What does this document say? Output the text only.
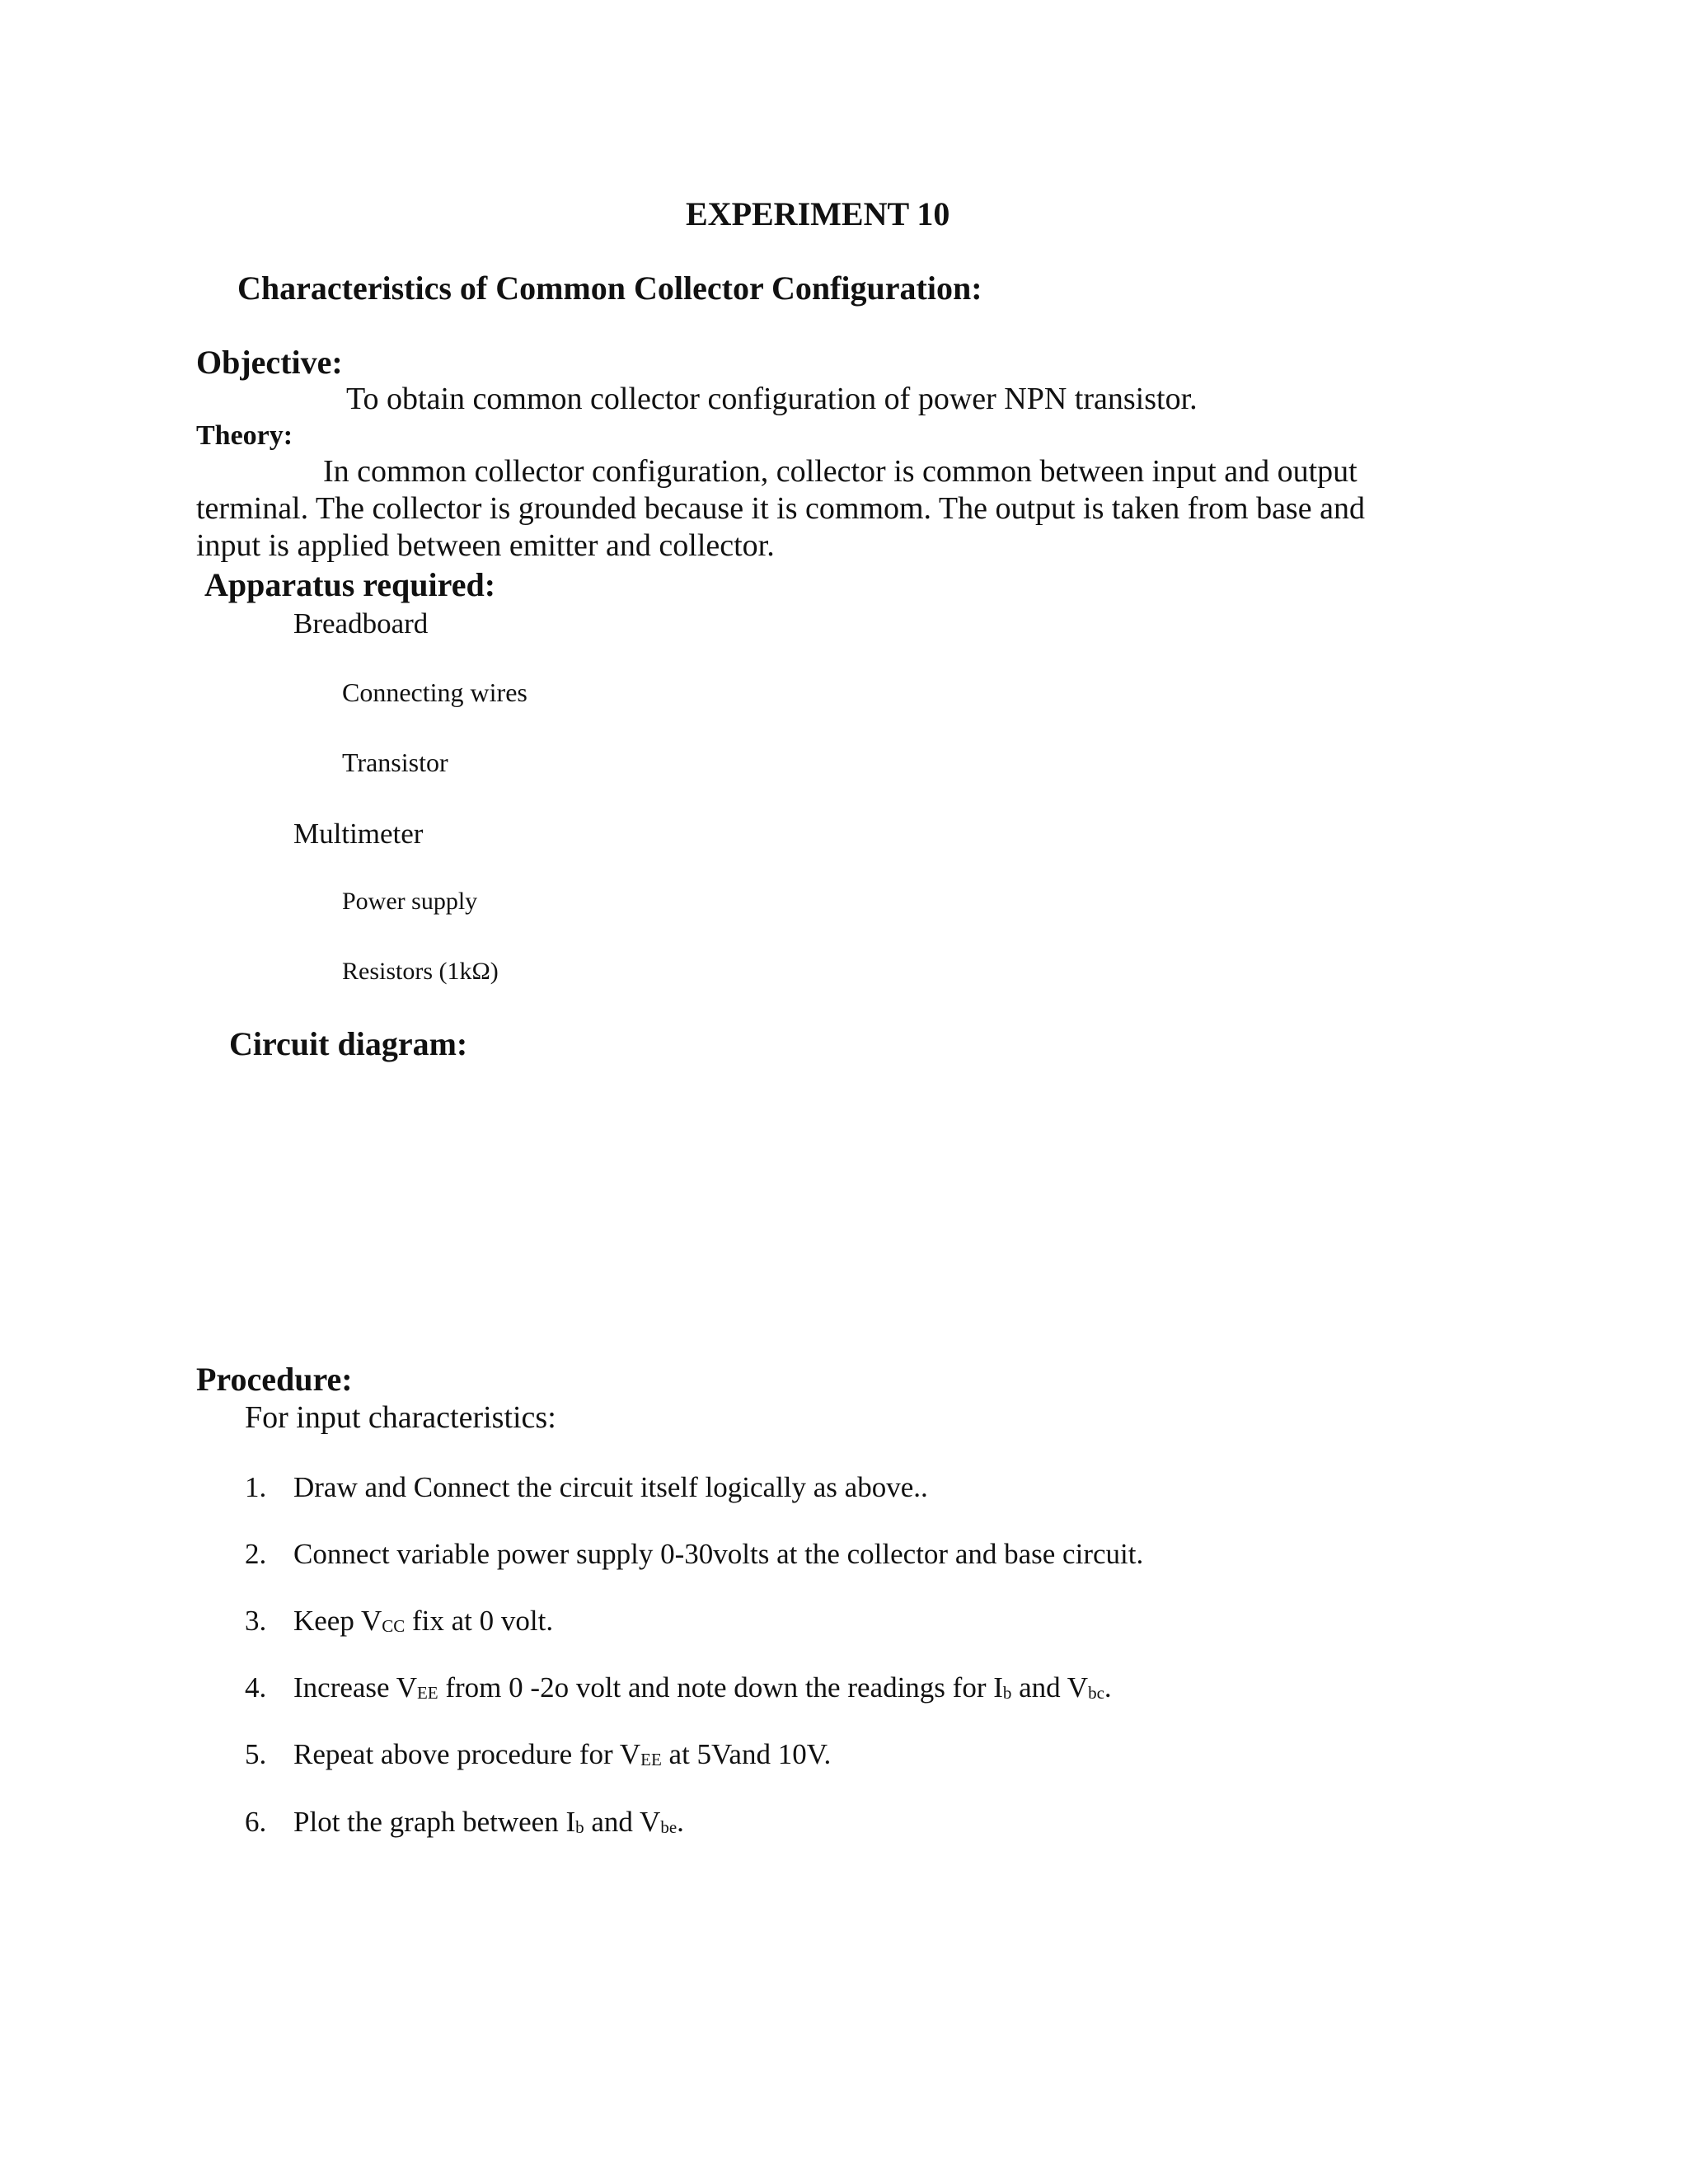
EXPERIMENT 10
Characteristics of Common Collector Configuration:
Objective:
To obtain common collector configuration of power NPN transistor.
Theory:
In common collector configuration, collector is common between input and output
terminal. The collector is grounded because it is commom. The output is taken from base and
input is applied between emitter and collector.
Apparatus required:
Breadboard
Connecting wires
Transistor
Multimeter
Power supply
Resistors (1kΩ)
Circuit diagram:
Procedure:
For input characteristics:
1. Draw and Connect the circuit itself logically as above..
2. Connect variable power supply 0-30volts at the collector and base circuit.
3. Keep VCC fix at 0 volt.
4. Increase VEE from 0 -2o volt and note down the readings for Ib and Vbc.
5. Repeat above procedure for VEE at 5Vand 10V.
6. Plot the graph between Ib and Vbe.
